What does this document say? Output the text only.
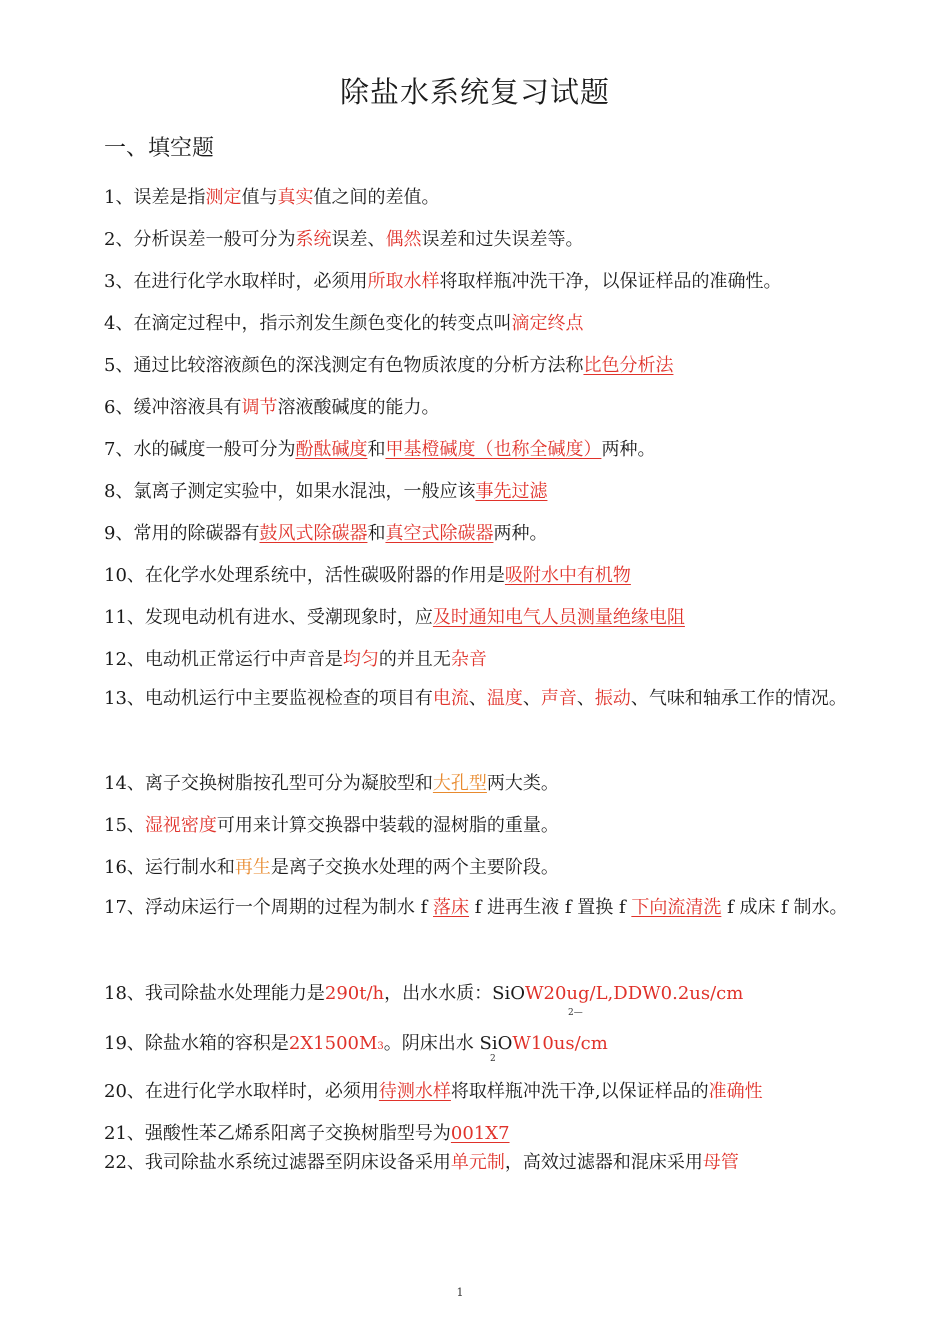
除盐水系统复习试题
一、填空题
1、误差是指测定值与真实值之间的差值。
2、分析误差一般可分为系统误差、偶然误差和过失误差等。
3、在进行化学水取样时，必须用所取水样将取样瓶冲洗干净，以保证样品的准确性。
4、在滴定过程中，指示剂发生颜色变化的转变点叫滴定终点
5、通过比较溶液颜色的深浅测定有色物质浓度的分析方法称比色分析法
6、缓冲溶液具有调节溶液酸碱度的能力。
7、水的碱度一般可分为酚酞碱度和甲基橙碱度（也称全碱度）两种。
8、氯离子测定实验中，如果水混浊，一般应该事先过滤
9、常用的除碳器有鼓风式除碳器和真空式除碳器两种。
10、在化学水处理系统中，活性碳吸附器的作用是吸附水中有机物
11、发现电动机有进水、受潮现象时，应及时通知电气人员测量绝缘电阻
12、电动机正常运行中声音是均匀的并且无杂音
13、电动机运行中主要监视检查的项目有电流、温度、声音、振动、气味和轴承工作的情况。
14、离子交换树脂按孔型可分为凝胶型和大孔型两大类。
15、湿视密度可用来计算交换器中装载的湿树脂的重量。
16、运行制水和再生是离子交换水处理的两个主要阶段。
17、浮动床运行一个周期的过程为制水 f 落床 f 进再生液 f 置换 f 下向流清洗 f 成床 f 制水。
18、我司除盐水处理能力是290t/h，出水水质：SiOW20ug/L,DDW0.2us/cm
2—
19、除盐水箱的容积是2X1500M3。阴床出水 SiOW10us/cm
2
20、在进行化学水取样时，必须用待测水样将取样瓶冲洗干净,以保证样品的准确性
21、强酸性苯乙烯系阳离子交换树脂型号为001X7
22、我司除盐水系统过滤器至阴床设备采用单元制，高效过滤器和混床采用母管
1
